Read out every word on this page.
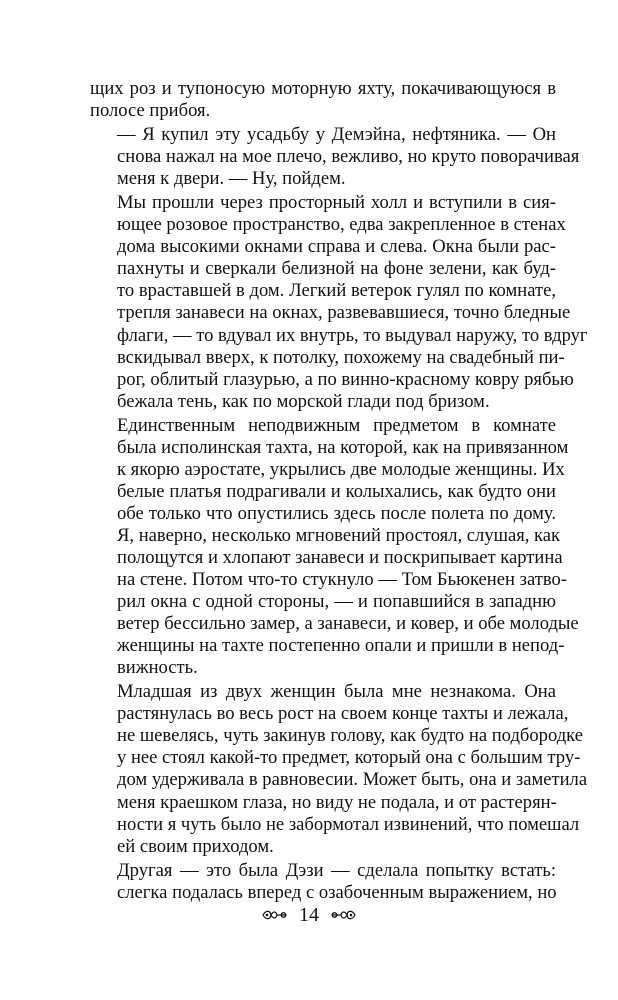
щих роз и тупоносую моторную яхту, покачивающуюся в
полосе прибоя.
— Я купил эту усадьбу у Демэйна, нефтяника. — Он
снова нажал на мое плечо, вежливо, но круто поворачивая
меня к двери. — Ну, пойдем.
Мы прошли через просторный холл и вступили в сия-
ющее розовое пространство, едва закрепленное в стенах
дома высокими окнами справа и слева. Окна были рас-
пахнуты и сверкали белизной на фоне зелени, как буд-
то враставшей в дом. Легкий ветерок гулял по комнате,
трепля занавеси на окнах, развевавшиеся, точно бледные
флаги, — то вдувал их внутрь, то выдувал наружу, то вдруг
вскидывал вверх, к потолку, похожему на свадебный пи-
рог, облитый глазурью, а по винно-красному ковру рябью
бежала тень, как по морской глади под бризом.
Единственным неподвижным предметом в комнате
была исполинская тахта, на которой, как на привязанном
к якорю аэростате, укрылись две молодые женщины. Их
белые платья подрагивали и колыхались, как будто они
обе только что опустились здесь после полета по дому.
Я, наверно, несколько мгновений простоял, слушая, как
полощутся и хлопают занавеси и поскрипывает картина
на стене. Потом что-то стукнуло — Том Бьюкенен затво-
рил окна с одной стороны, — и попавшийся в западню
ветер бессильно замер, а занавеси, и ковер, и обе молодые
женщины на тахте постепенно опали и пришли в непод-
вижность.
Младшая из двух женщин была мне незнакома. Она
растянулась во весь рост на своем конце тахты и лежала,
не шевелясь, чуть закинув голову, как будто на подбородке
у нее стоял какой-то предмет, который она с большим тру-
дом удерживала в равновесии. Может быть, она и заметила
меня краешком глаза, но виду не подала, и от растерян-
ности я чуть было не забормотал извинений, что помешал
ей своим приходом.
Другая — это была Дэзи — сделала попытку встать:
слегка подалась вперед с озабоченным выражением, но
14
